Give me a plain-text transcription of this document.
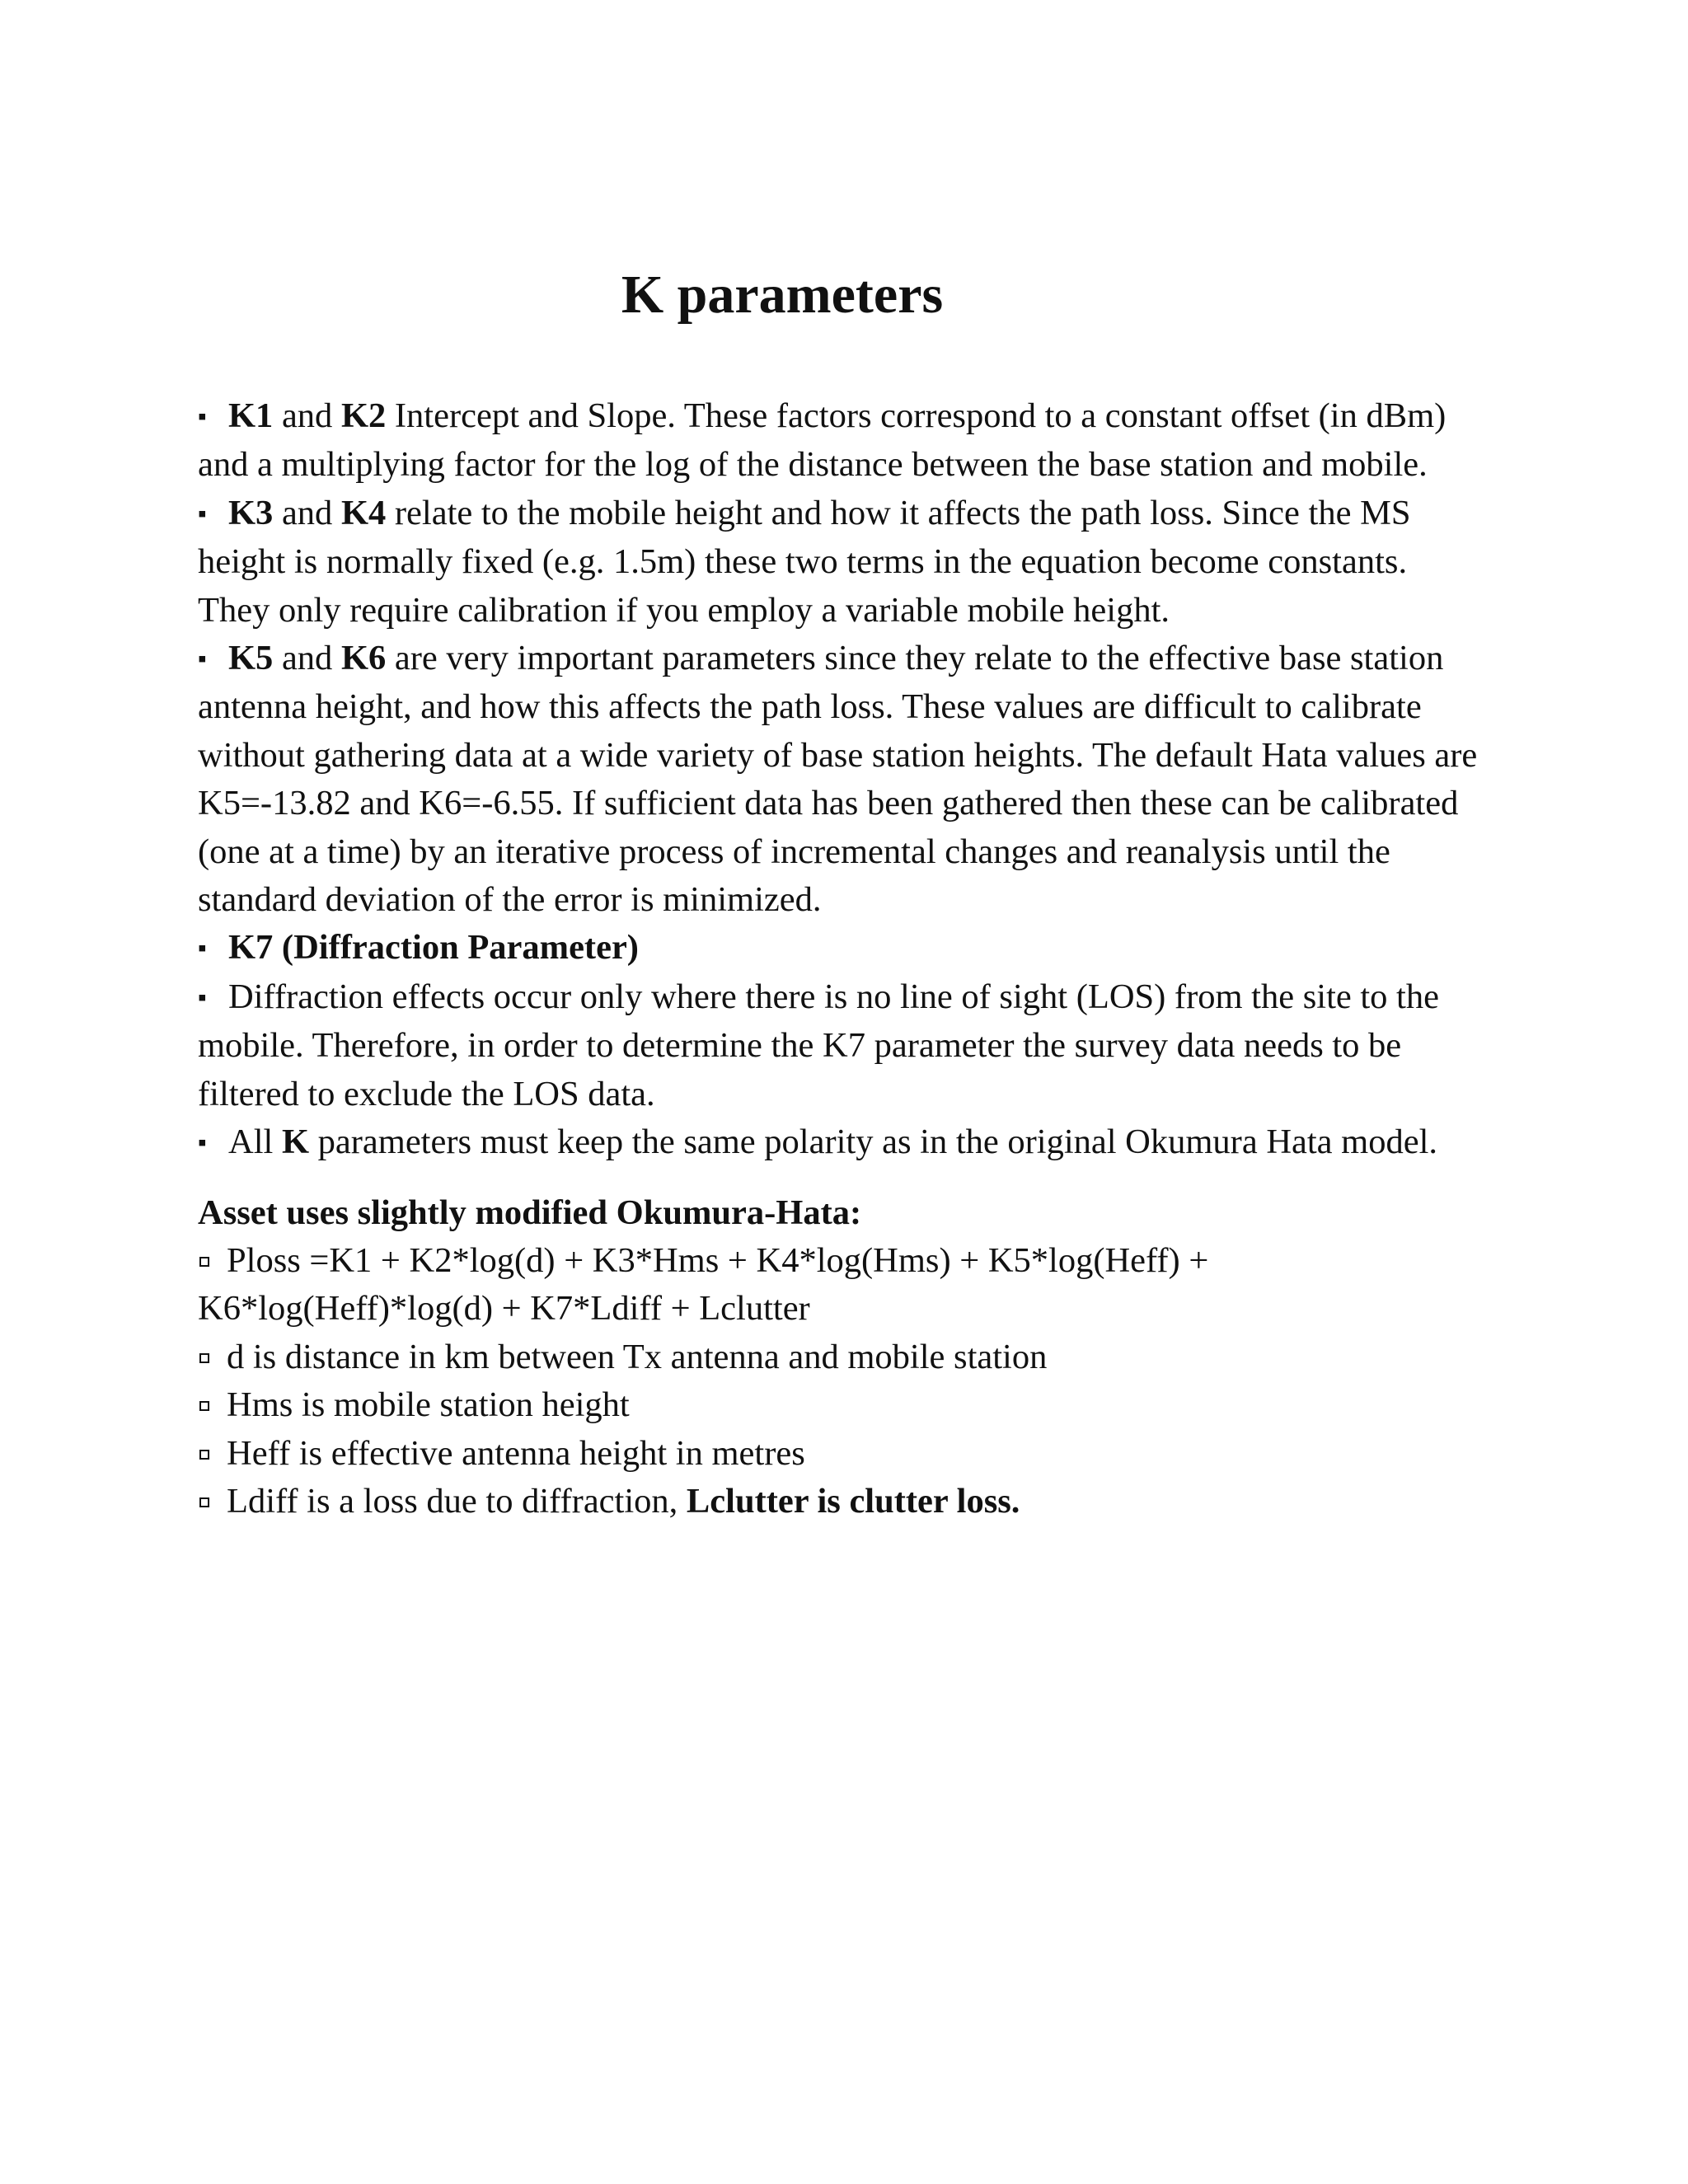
K parameters

▪ K1 and K2 Intercept and Slope. These factors correspond to a constant offset (in dBm) and a multiplying factor for the log of the distance between the base station and mobile.

▪ K3 and K4 relate to the mobile height and how it affects the path loss. Since the MS height is normally fixed (e.g. 1.5m) these two terms in the equation become constants. They only require calibration if you employ a variable mobile height.

▪ K5 and K6 are very important parameters since they relate to the effective base station antenna height, and how this affects the path loss. These values are difficult to calibrate without gathering data at a wide variety of base station heights. The default Hata values are K5=-13.82 and K6=-6.55. If sufficient data has been gathered then these can be calibrated (one at a time) by an iterative process of incremental changes and reanalysis until the standard deviation of the error is minimized.

▪ K7 (Diffraction Parameter)

▪ Diffraction effects occur only where there is no line of sight (LOS) from the site to the mobile. Therefore, in order to determine the K7 parameter the survey data needs to be filtered to exclude the LOS data.

▪ All K parameters must keep the same polarity as in the original Okumura Hata model.

Asset uses slightly modified Okumura-Hata:

Ploss =K1 + K2*log(d) + K3*Hms + K4*log(Hms) + K5*log(Heff) + K6*log(Heff)*log(d) + K7*Ldiff + Lclutter

d is distance in km between Tx antenna and mobile station

Hms is mobile station height

Heff is effective antenna height in metres

Ldiff is a loss due to diffraction, Lclutter is clutter loss.
